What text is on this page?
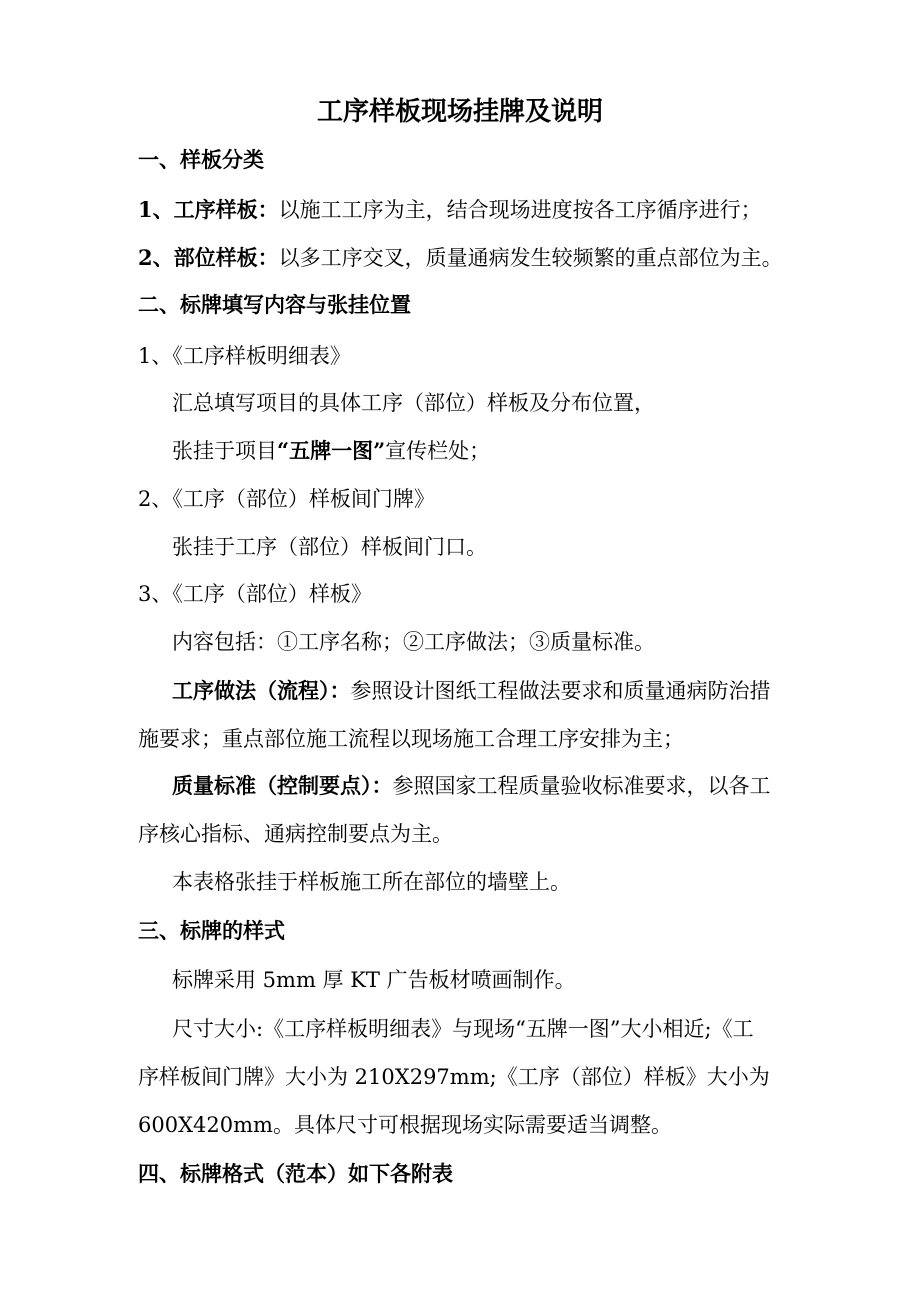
工序样板现场挂牌及说明
一、样板分类
1、工序样板：以施工工序为主，结合现场进度按各工序循序进行；
2、部位样板：以多工序交叉，质量通病发生较频繁的重点部位为主。
二、标牌填写内容与张挂位置
1、《工序样板明细表》
汇总填写项目的具体工序（部位）样板及分布位置，
张挂于项目“五牌一图”宣传栏处；
2、《工序（部位）样板间门牌》
张挂于工序（部位）样板间门口。
3、《工序（部位）样板》
内容包括：①工序名称；②工序做法；③质量标准。
工序做法（流程）：参照设计图纸工程做法要求和质量通病防治措
施要求；重点部位施工流程以现场施工合理工序安排为主；
质量标准（控制要点）：参照国家工程质量验收标准要求，以各工
序核心指标、通病控制要点为主。
本表格张挂于样板施工所在部位的墙壁上。
三、标牌的样式
标牌采用 5mm 厚 KT 广告板材喷画制作。
尺寸大小:《工序样板明细表》与现场“五牌一图”大小相近;《工
序样板间门牌》大小为 210X297mm;《工序（部位）样板》大小为
600X420mm。具体尺寸可根据现场实际需要适当调整。
四、标牌格式（范本）如下各附表
